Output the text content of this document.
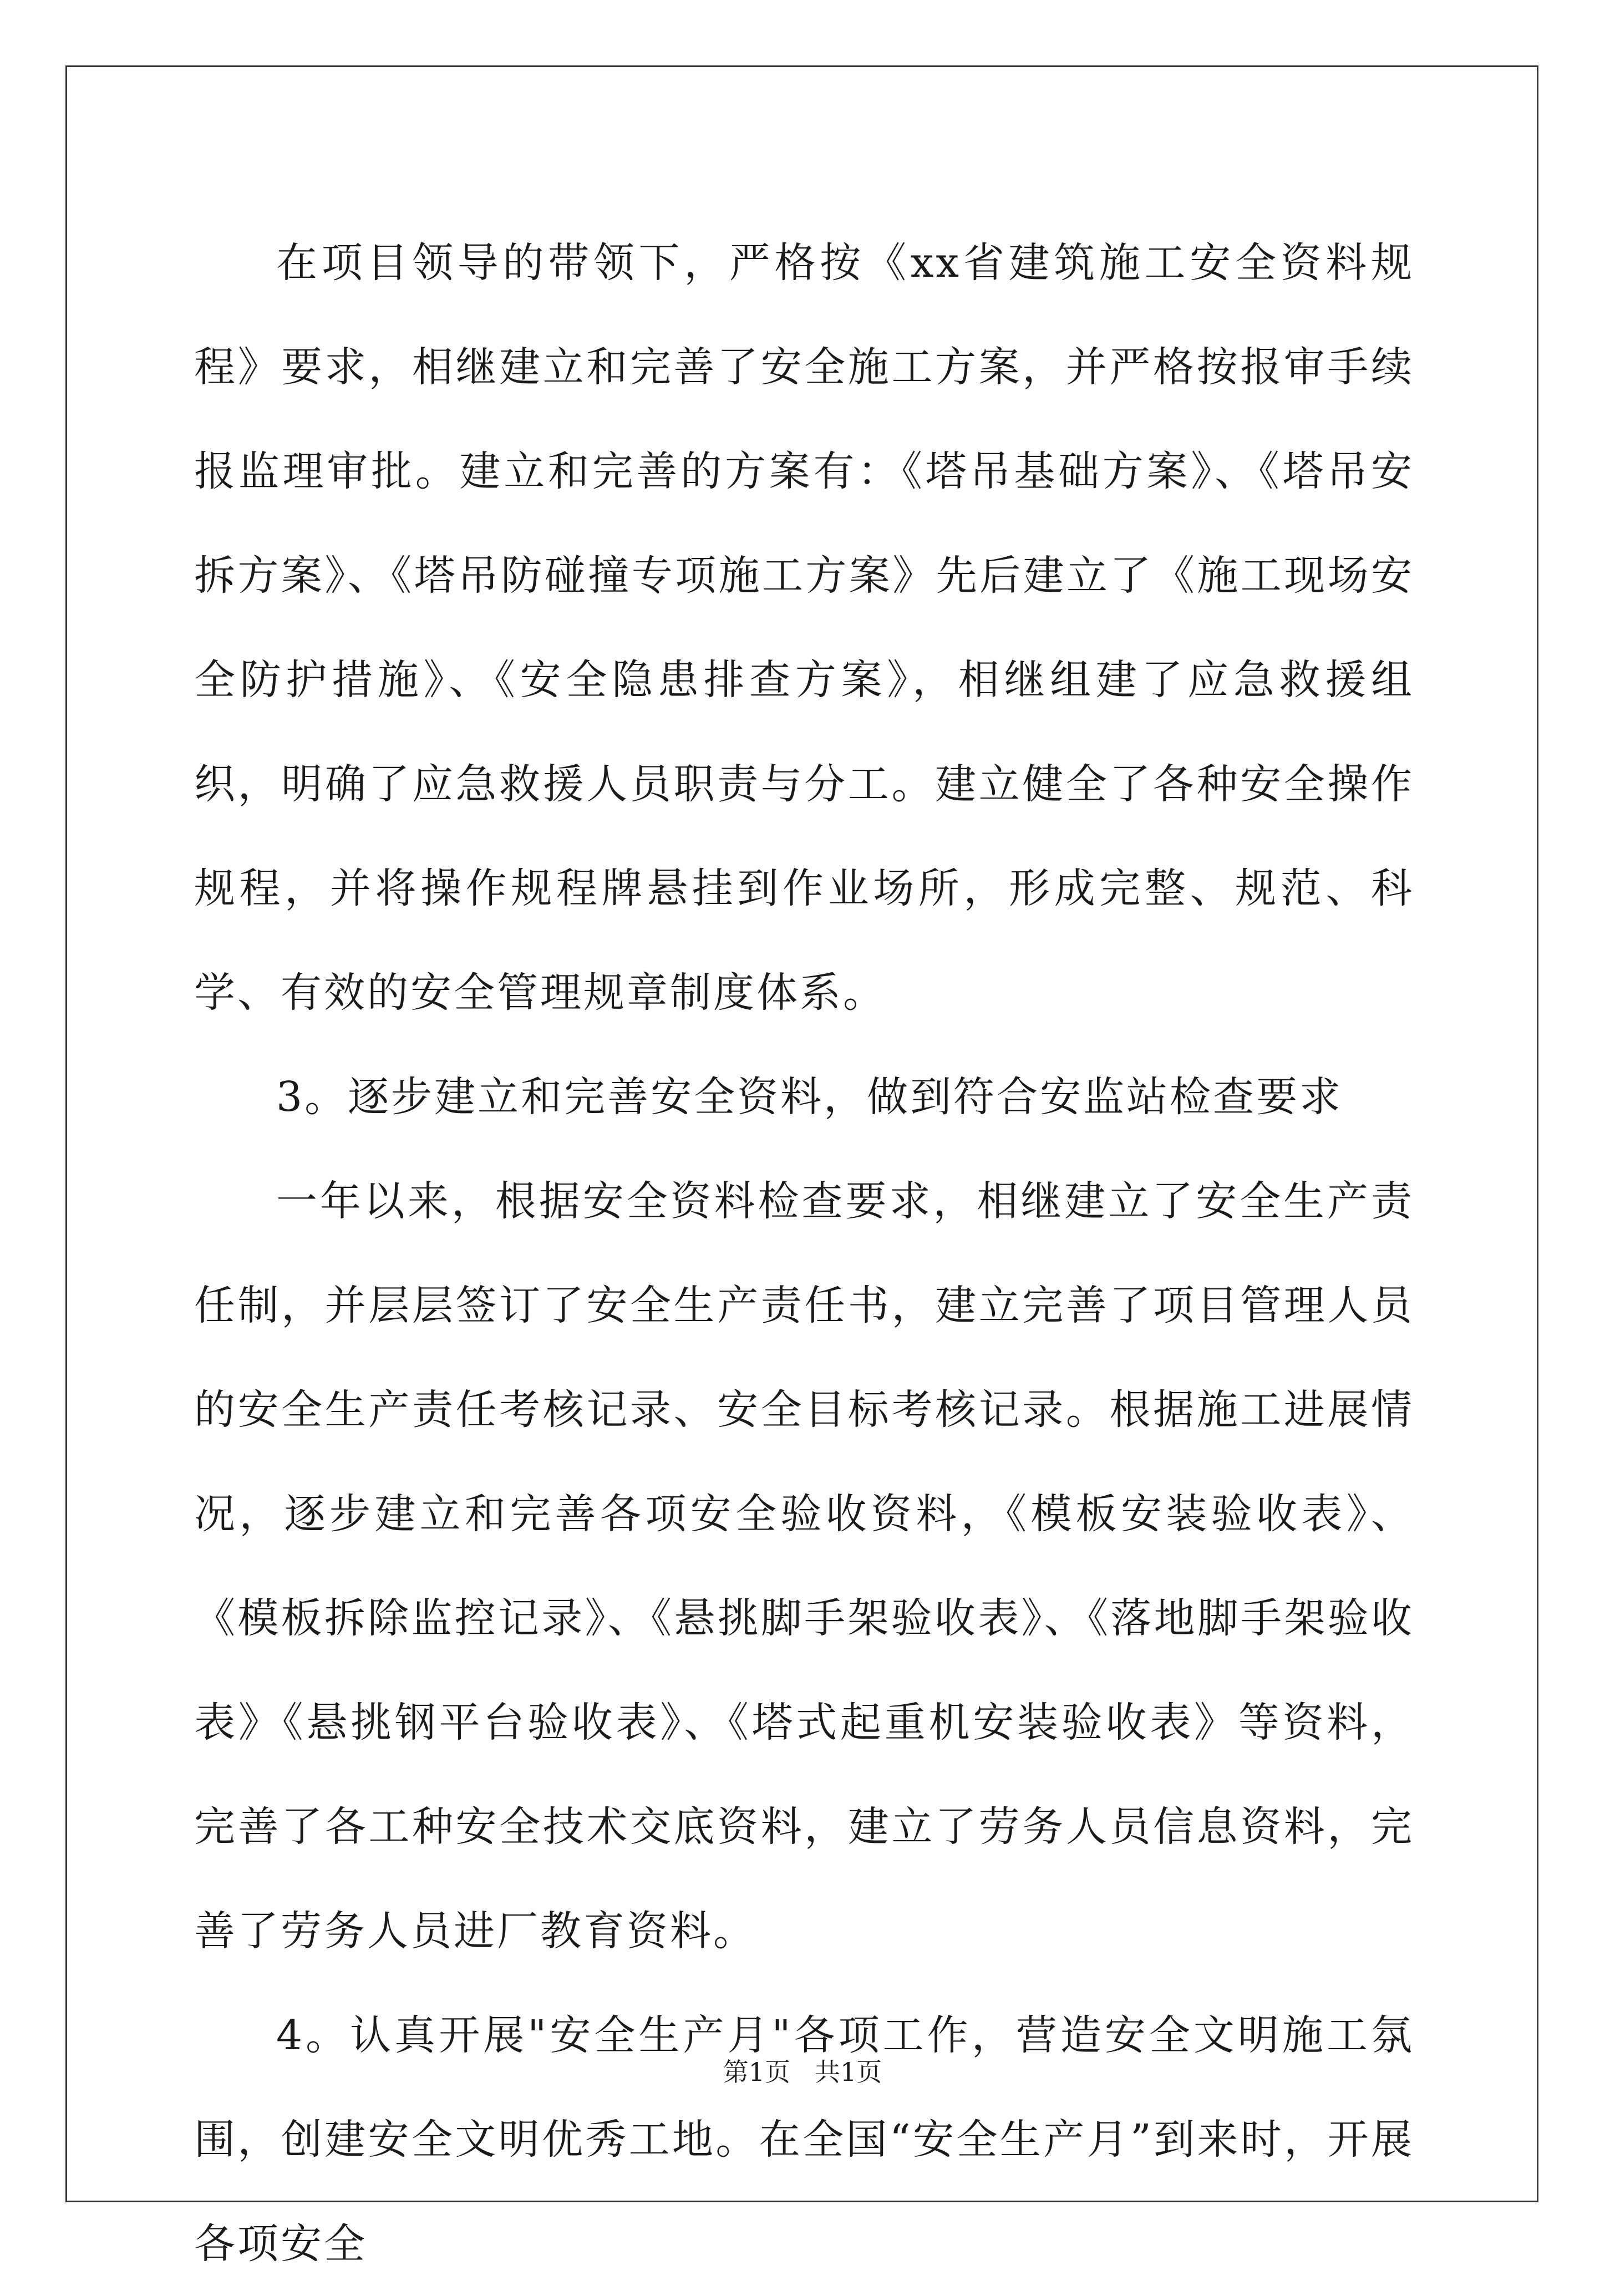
在项目领导的带领下，严格按《xx省建筑施工安全资料规程》要求，相继建立和完善了安全施工方案，并严格按报审手续报监理审批。建立和完善的方案有：《塔吊基础方案》、《塔吊安拆方案》、《塔吊防碰撞专项施工方案》先后建立了《施工现场安全防护措施》、《安全隐患排查方案》，相继组建了应急救援组织，明确了应急救援人员职责与分工。建立健全了各种安全操作规程，并将操作规程牌悬挂到作业场所，形成完整、规范、科学、有效的安全管理规章制度体系。

3。逐步建立和完善安全资料，做到符合安监站检查要求

一年以来，根据安全资料检查要求，相继建立了安全生产责任制，并层层签订了安全生产责任书，建立完善了项目管理人员的安全生产责任考核记录、安全目标考核记录。根据施工进展情况，逐步建立和完善各项安全验收资料，《模板安装验收表》、《模板拆除监控记录》、《悬挑脚手架验收表》、《落地脚手架验收表》《悬挑钢平台验收表》、《塔式起重机安装验收表》等资料，完善了各工种安全技术交底资料，建立了劳务人员信息资料，完善了劳务人员进厂教育资料。

4。认真开展"安全生产月"各项工作，营造安全文明施工氛围，创建安全文明优秀工地。在全国“安全生产月”到来时，开展各项安全

第1页 共1页
